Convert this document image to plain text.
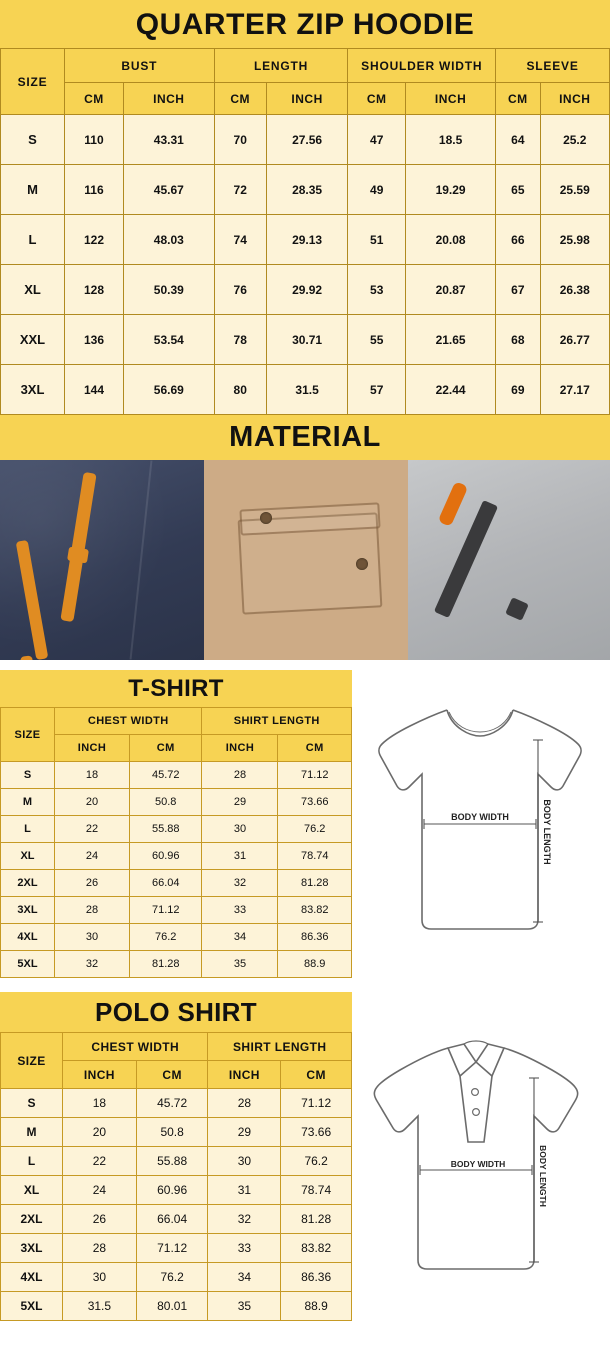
QUARTER ZIP HOODIE
SIZE	BUST		LENGTH		SHOULDER WIDTH		SLEEVE	
	CM	INCH	CM	INCH	CM	INCH	CM	INCH
S	110	43.31	70	27.56	47	18.5	64	25.2
M	116	45.67	72	28.35	49	19.29	65	25.59
L	122	48.03	74	29.13	51	20.08	66	25.98
XL	128	50.39	76	29.92	53	20.87	67	26.38
XXL	136	53.54	78	30.71	55	21.65	68	26.77
3XL	144	56.69	80	31.5	57	22.44	69	27.17
MATERIAL
T-SHIRT
SIZE	CHEST WIDTH		SHIRT LENGTH	
	INCH	CM	INCH	CM
S	18	45.72	28	71.12
M	20	50.8	29	73.66
L	22	55.88	30	76.2
XL	24	60.96	31	78.74
2XL	26	66.04	32	81.28
3XL	28	71.12	33	83.82
4XL	30	76.2	34	86.36
5XL	32	81.28	35	88.9
BODY WIDTH	BODY LENGTH
POLO SHIRT
SIZE	CHEST WIDTH		SHIRT LENGTH	
	INCH	CM	INCH	CM
S	18	45.72	28	71.12
M	20	50.8	29	73.66
L	22	55.88	30	76.2
XL	24	60.96	31	78.74
2XL	26	66.04	32	81.28
3XL	28	71.12	33	83.82
4XL	30	76.2	34	86.36
5XL	31.5	80.01	35	88.9
BODY WIDTH	BODY LENGTH
